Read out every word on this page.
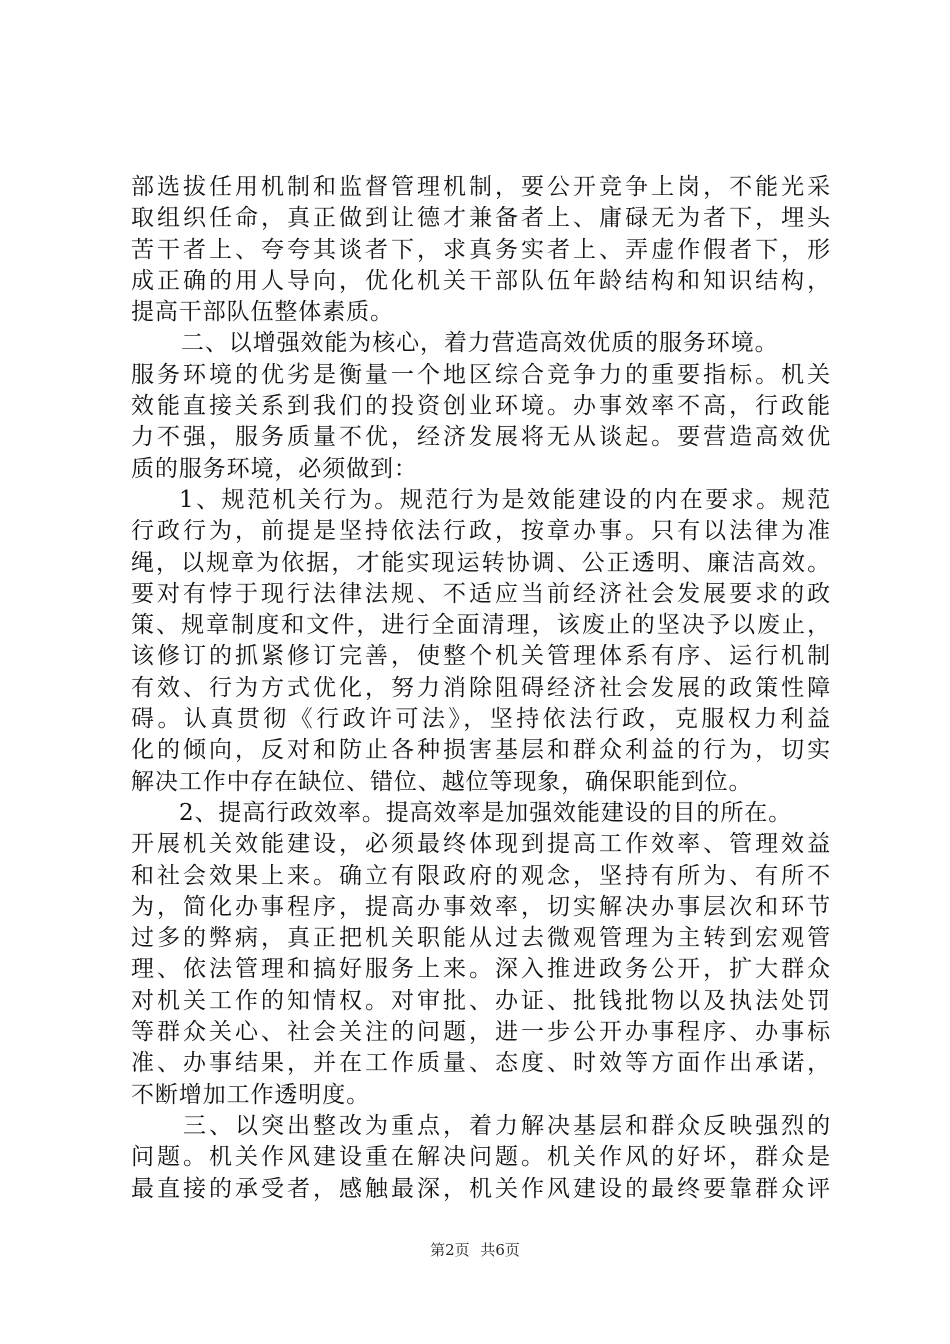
部选拔任用机制和监督管理机制，要公开竞争上岗，不能光采
取组织任命，真正做到让德才兼备者上、庸碌无为者下，埋头
苦干者上、夸夸其谈者下，求真务实者上、弄虚作假者下，形
成正确的用人导向，优化机关干部队伍年龄结构和知识结构，
提高干部队伍整体素质。
二、以增强效能为核心，着力营造高效优质的服务环境。
服务环境的优劣是衡量一个地区综合竞争力的重要指标。机关
效能直接关系到我们的投资创业环境。办事效率不高，行政能
力不强，服务质量不优，经济发展将无从谈起。要营造高效优
质的服务环境，必须做到：
1、规范机关行为。规范行为是效能建设的内在要求。规范
行政行为，前提是坚持依法行政，按章办事。只有以法律为准
绳，以规章为依据，才能实现运转协调、公正透明、廉洁高效。
要对有悖于现行法律法规、不适应当前经济社会发展要求的政
策、规章制度和文件，进行全面清理，该废止的坚决予以废止，
该修订的抓紧修订完善，使整个机关管理体系有序、运行机制
有效、行为方式优化，努力消除阻碍经济社会发展的政策性障
碍。认真贯彻《行政许可法》，坚持依法行政，克服权力利益
化的倾向，反对和防止各种损害基层和群众利益的行为，切实
解决工作中存在缺位、错位、越位等现象，确保职能到位。
2、提高行政效率。提高效率是加强效能建设的目的所在。
开展机关效能建设，必须最终体现到提高工作效率、管理效益
和社会效果上来。确立有限政府的观念，坚持有所为、有所不
为，简化办事程序，提高办事效率，切实解决办事层次和环节
过多的弊病，真正把机关职能从过去微观管理为主转到宏观管
理、依法管理和搞好服务上来。深入推进政务公开，扩大群众
对机关工作的知情权。对审批、办证、批钱批物以及执法处罚
等群众关心、社会关注的问题，进一步公开办事程序、办事标
准、办事结果，并在工作质量、态度、时效等方面作出承诺，
不断增加工作透明度。
三、以突出整改为重点，着力解决基层和群众反映强烈的
问题。机关作风建设重在解决问题。机关作风的好坏，群众是
最直接的承受者，感触最深，机关作风建设的最终要靠群众评
第2页 共6页
